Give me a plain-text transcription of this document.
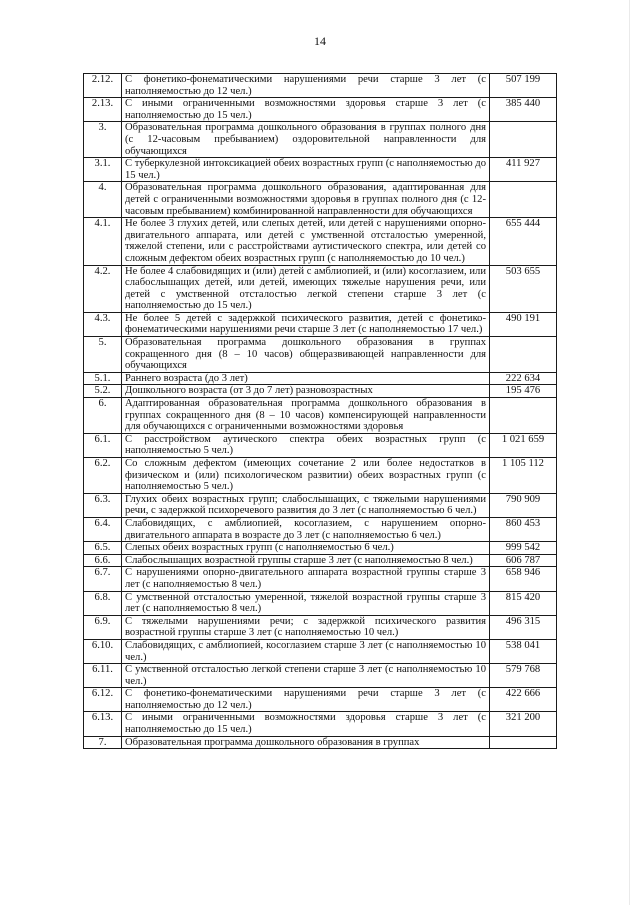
14
2.12.	С фонетико-фонематическими нарушениями речи старше 3 лет (с наполняемостью до 12 чел.)	507 199
2.13.	С иными ограниченными возможностями здоровья старше 3 лет (с наполняемостью до 15 чел.)	385 440
3.	Образовательная программа дошкольного образования в группах полного дня (с 12-часовым пребыванием) оздоровительной направленности для обучающихся	
3.1.	С туберкулезной интоксикацией обеих возрастных групп (с наполняемостью до 15 чел.)	411 927
4.	Образовательная программа дошкольного образования, адаптированная для детей с ограниченными возможностями здоровья в группах полного дня (с 12-часовым пребыванием) комбинированной направленности для обучающихся	
4.1.	Не более 3 глухих детей, или слепых детей, или детей с нарушениями опорно-двигательного аппарата, или детей с умственной отсталостью умеренной, тяжелой степени, или с расстройствами аутистического спектра, или детей со сложным дефектом обеих возрастных групп (с наполняемостью до 10 чел.)	655 444
4.2.	Не более 4 слабовидящих и (или) детей с амблиопией, и (или) косоглазием, или слабослышащих детей, или детей, имеющих тяжелые нарушения речи, или детей с умственной отсталостью легкой степени старше 3 лет (с наполняемостью до 15 чел.)	503 655
4.3.	Не более 5 детей с задержкой психического развития, детей с фонетико-фонематическими нарушениями речи старше 3 лет (с наполняемостью 17 чел.)	490 191
5.	Образовательная программа дошкольного образования в группах сокращенного дня (8 – 10 часов) общеразвивающей направленности для обучающихся	
5.1.	Раннего возраста (до 3 лет)	222 634
5.2.	Дошкольного возраста (от 3 до 7 лет) разновозрастных	195 476
6.	Адаптированная образовательная программа дошкольного образования в группах сокращенного дня (8 – 10 часов) компенсирующей направленности для обучающихся с ограниченными возможностями здоровья	
6.1.	С расстройством аутического спектра обеих возрастных групп (с наполняемостью 5 чел.)	1 021 659
6.2.	Со сложным дефектом (имеющих сочетание 2 или более недостатков в физическом и (или) психологическом развитии) обеих возрастных групп (с наполняемостью 5 чел.)	1 105 112
6.3.	Глухих обеих возрастных групп; слабослышащих, с тяжелыми нарушениями речи, с задержкой психоречевого развития до 3 лет (с наполняемостью 6 чел.)	790 909
6.4.	Слабовидящих, с амблиопией, косоглазием, с нарушением опорно-двигательного аппарата в возрасте до 3 лет (с наполняемостью 6 чел.)	860 453
6.5.	Слепых обеих возрастных групп (с наполняемостью 6 чел.)	999 542
6.6.	Слабослышащих возрастной группы старше 3 лет (с наполняемостью 8 чел.)	606 787
6.7.	С нарушениями опорно-двигательного аппарата возрастной группы старше 3 лет (с наполняемостью 8 чел.)	658 946
6.8.	С умственной отсталостью умеренной, тяжелой возрастной группы старше 3 лет (с наполняемостью 8 чел.)	815 420
6.9.	С тяжелыми нарушениями речи; с задержкой психического развития возрастной группы старше 3 лет (с наполняемостью 10 чел.)	496 315
6.10.	Слабовидящих, с амблиопией, косоглазием старше 3 лет (с наполняемостью 10 чел.)	538 041
6.11.	С умственной отсталостью легкой степени старше 3 лет (с наполняемостью 10 чел.)	579 768
6.12.	С фонетико-фонематическими нарушениями речи старше 3 лет (с наполняемостью до 12 чел.)	422 666
6.13.	С иными ограниченными возможностями здоровья старше 3 лет (с наполняемостью до 15 чел.)	321 200
7.	Образовательная программа дошкольного образования в группах	
